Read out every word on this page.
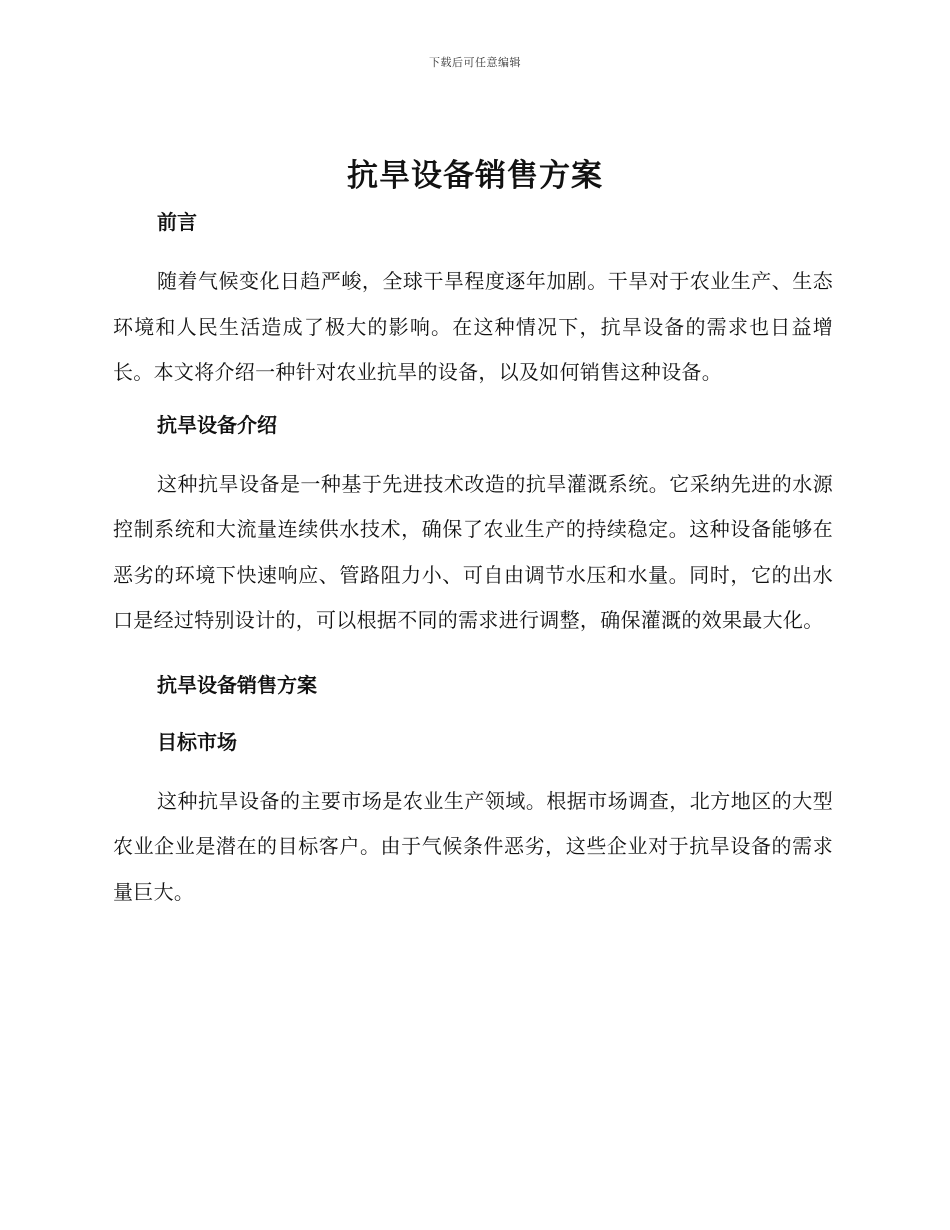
下载后可任意编辑
抗旱设备销售方案
前言

随着气候变化日趋严峻，全球干旱程度逐年加剧。干旱对于农业生产、生态环境和人民生活造成了极大的影响。在这种情况下，抗旱设备的需求也日益增长。本文将介绍一种针对农业抗旱的设备，以及如何销售这种设备。

抗旱设备介绍

这种抗旱设备是一种基于先进技术改造的抗旱灌溉系统。它采纳先进的水源控制系统和大流量连续供水技术，确保了农业生产的持续稳定。这种设备能够在恶劣的环境下快速响应、管路阻力小、可自由调节水压和水量。同时，它的出水口是经过特别设计的，可以根据不同的需求进行调整，确保灌溉的效果最大化。

抗旱设备销售方案
目标市场

这种抗旱设备的主要市场是农业生产领域。根据市场调查，北方地区的大型农业企业是潜在的目标客户。由于气候条件恶劣，这些企业对于抗旱设备的需求量巨大。
